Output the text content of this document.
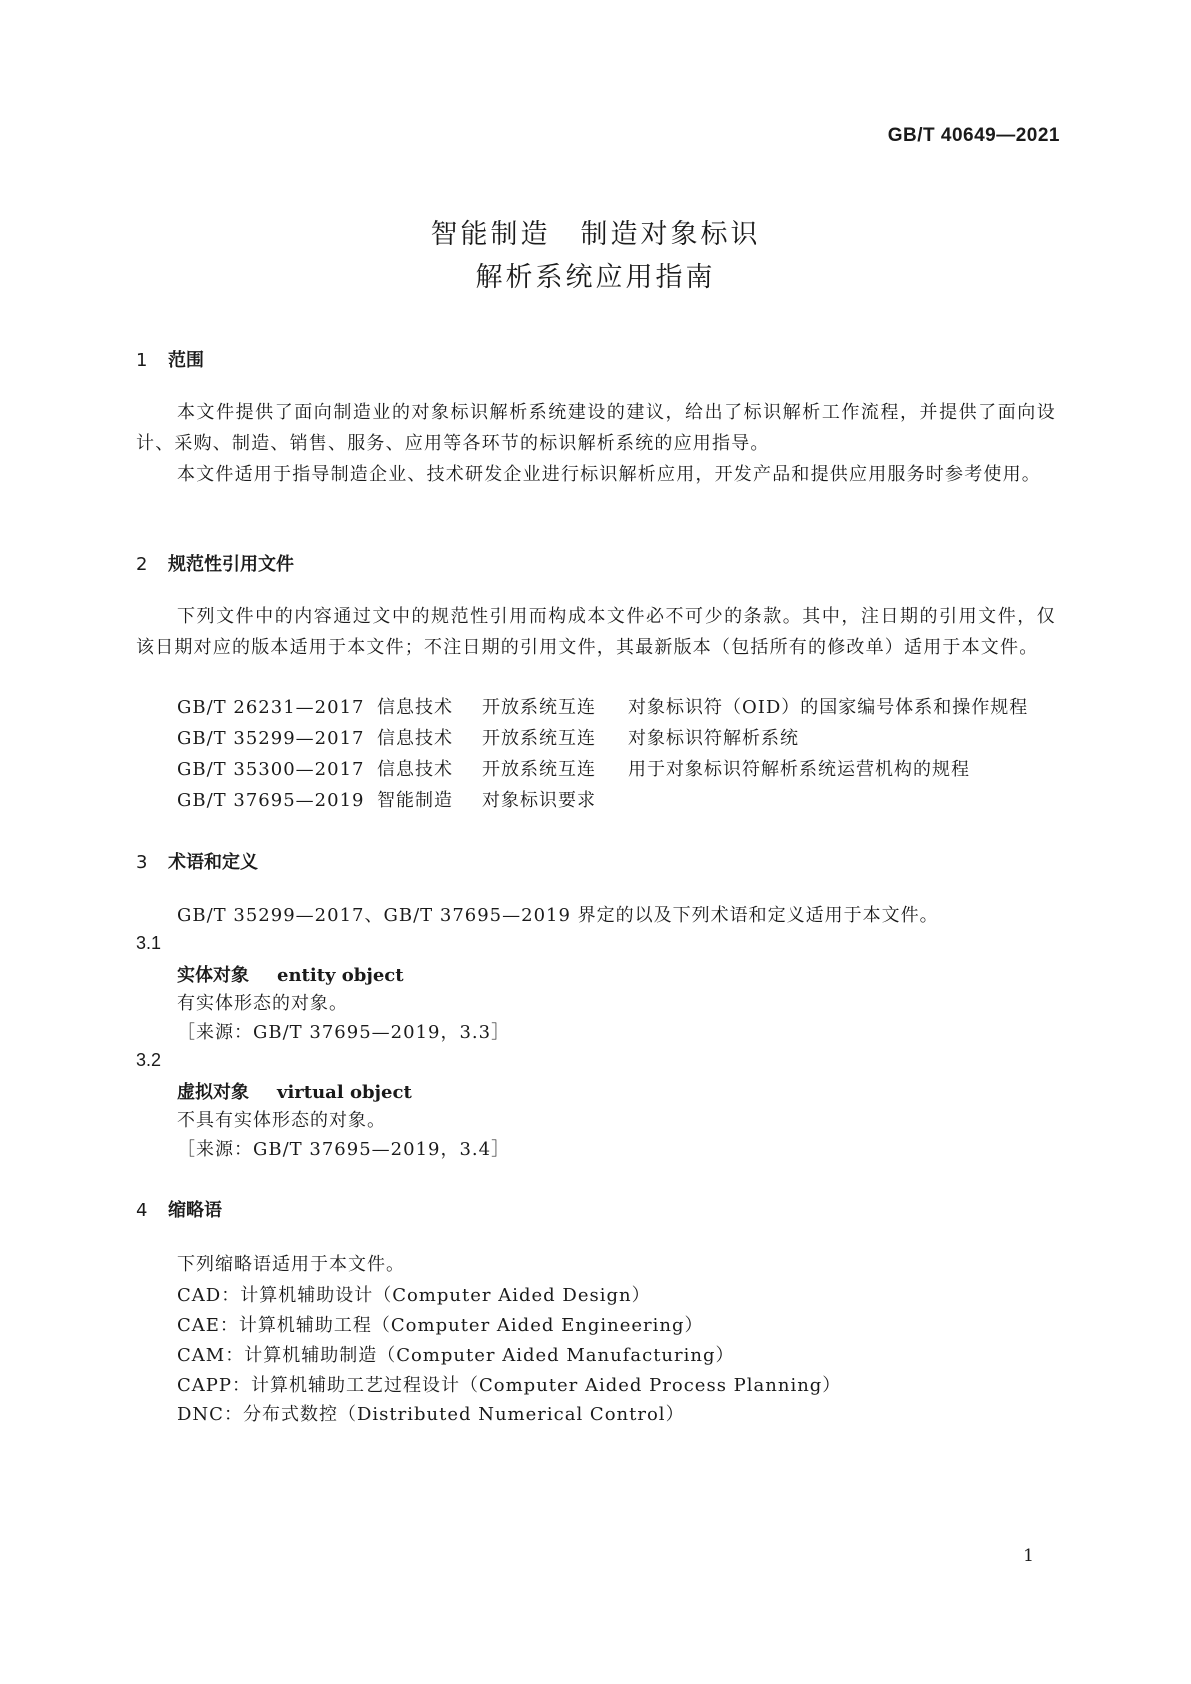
GB/T 40649—2021
智能制造　制造对象标识
解析系统应用指南
1 范围
本文件提供了面向制造业的对象标识解析系统建设的建议，给出了标识解析工作流程，并提供了面向设计、采购、制造、销售、服务、应用等各环节的标识解析系统的应用指导。
本文件适用于指导制造企业、技术研发企业进行标识解析应用，开发产品和提供应用服务时参考使用。
2 规范性引用文件
下列文件中的内容通过文中的规范性引用而构成本文件必不可少的条款。其中，注日期的引用文件，仅该日期对应的版本适用于本文件；不注日期的引用文件，其最新版本（包括所有的修改单）适用于本文件。
GB/T 26231—2017 信息技术 开放系统互连 对象标识符（OID）的国家编号体系和操作规程
GB/T 35299—2017 信息技术 开放系统互连 对象标识符解析系统
GB/T 35300—2017 信息技术 开放系统互连 用于对象标识符解析系统运营机构的规程
GB/T 37695—2019 智能制造 对象标识要求
3 术语和定义
GB/T 35299—2017、GB/T 37695—2019 界定的以及下列术语和定义适用于本文件。
3.1
实体对象 entity object
有实体形态的对象。
［来源：GB/T 37695—2019，3.3］
3.2
虚拟对象 virtual object
不具有实体形态的对象。
［来源：GB/T 37695—2019，3.4］
4 缩略语
下列缩略语适用于本文件。
CAD：计算机辅助设计（Computer Aided Design）
CAE：计算机辅助工程（Computer Aided Engineering）
CAM：计算机辅助制造（Computer Aided Manufacturing）
CAPP：计算机辅助工艺过程设计（Computer Aided Process Planning）
DNC：分布式数控（Distributed Numerical Control）
1
